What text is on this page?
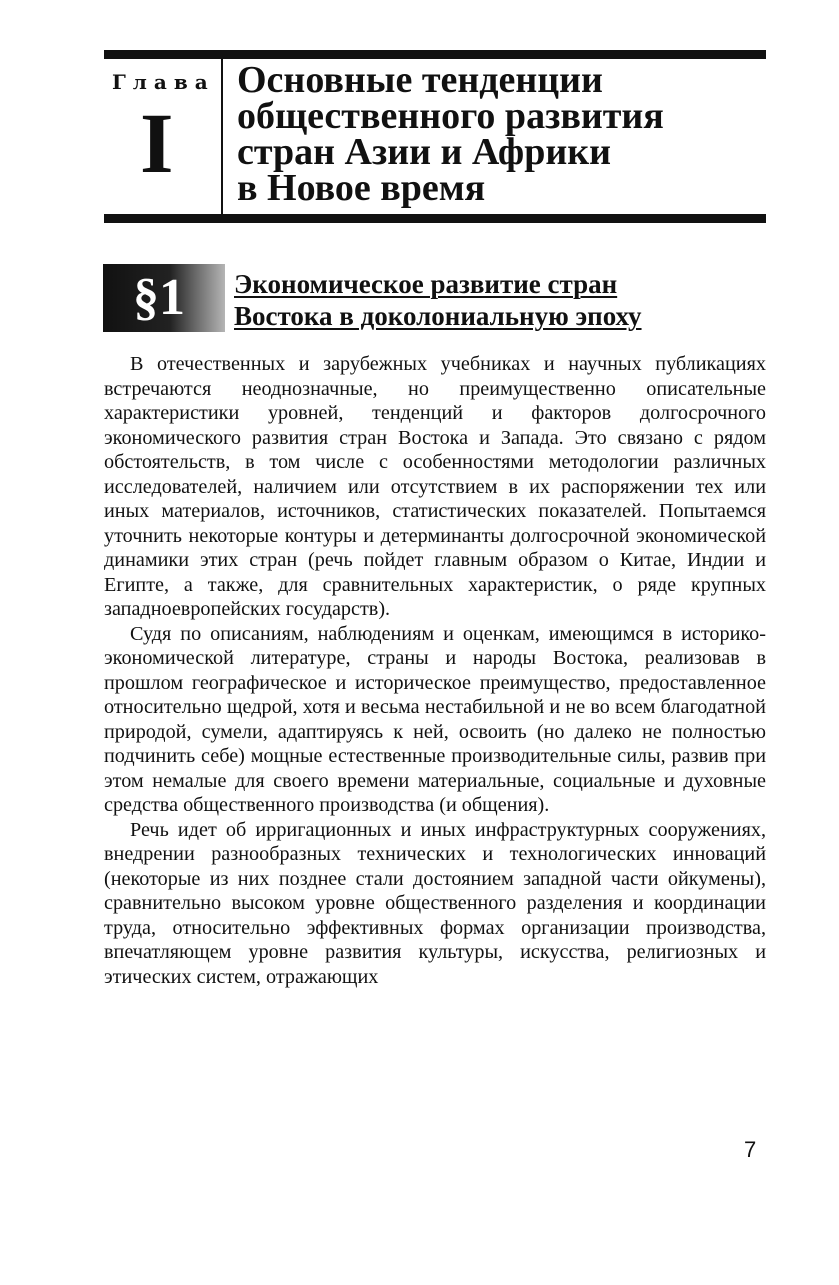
Глава
I
Основные тенденции
общественного развития
стран Азии и Африки
в Новое время
§1	Экономическое развитие стран
Востока в доколониальную эпоху

В отечественных и зарубежных учебниках и научных публикациях встречаются неоднозначные, но преимущественно описательные характеристики уровней, тенденций и факторов долгосрочного экономического развития стран Востока и Запада. Это связано с рядом обстоятельств, в том числе с особенностями методологии различных исследователей, наличием или отсутствием в их распоряжении тех или иных материалов, источников, статистических показателей. Попытаемся уточнить некоторые контуры и детерминанты долгосрочной экономической динамики этих стран (речь пойдет главным образом о Китае, Индии и Египте, а также, для сравнительных характеристик, о ряде крупных западноевропейских государств).

Судя по описаниям, наблюдениям и оценкам, имеющимся в историко-экономической литературе, страны и народы Востока, реализовав в прошлом географическое и историческое преимущество, предоставленное относительно щедрой, хотя и весьма нестабильной и не во всем благодатной природой, сумели, адаптируясь к ней, освоить (но далеко не полностью подчинить себе) мощные естественные производительные силы, развив при этом немалые для своего времени материальные, социальные и духовные средства общественного производства (и общения).

Речь идет об ирригационных и иных инфраструктурных сооружениях, внедрении разнообразных технических и технологических инноваций (некоторые из них позднее стали достоянием западной части ойкумены), сравнительно высоком уровне общественного разделения и координации труда, относительно эффективных формах организации производства, впечатляющем уровне развития культуры, искусства, религиозных и этических систем, отражающих

7
